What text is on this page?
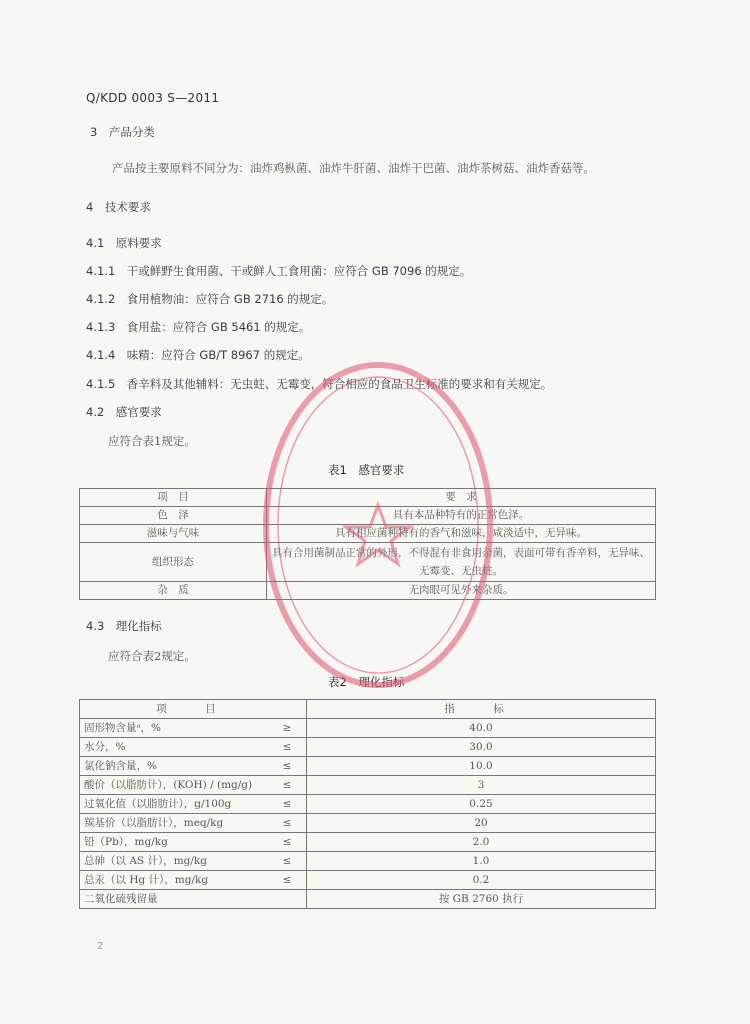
Q/KDD 0003 S—2011
3　产品分类
产品按主要原料不同分为：油炸鸡枞菌、油炸牛肝菌、油炸干巴菌、油炸茶树菇、油炸香菇等。
4　技术要求
4.1　原料要求
4.1.1　干或鲜野生食用菌、干或鲜人工食用菌：应符合 GB 7096 的规定。
4.1.2　食用植物油：应符合 GB 2716 的规定。
4.1.3　食用盐：应符合 GB 5461 的规定。
4.1.4　味精：应符合 GB/T 8967 的规定。
4.1.5　香辛料及其他辅料：无虫蛀、无霉变，符合相应的食品卫生标准的要求和有关规定。
4.2　感官要求
应符合表1规定。
表1　感官要求
项　目	要　求
色　泽	具有本品种特有的正常色泽。
滋味与气味	具有相应菌种特有的香气和滋味，咸淡适中，无异味。
组织形态	具有合用菌制品正常的外形，不得混有非食用杂菌，表面可带有香辛料，无异味、
无霉变、无虫蛀。

杂　质	无肉眼可见外来杂质。
4.3　理化指标
应符合表2规定。
表2　理化指标
项　目		指　标
固形物含量ᵃ，%	≥	40.0
水分，%	≤	30.0
氯化钠含量，%	≤	10.0
酸价（以脂肪计），(KOH) / (mg/g)	≤	3
过氧化值（以脂肪计），g/100g	≤	0.25
羰基价（以脂肪计），meq/kg	≤	20
铅（Pb），mg/kg	≤	2.0
总砷（以 AS 计），mg/kg	≤	1.0
总汞（以 Hg 计），mg/kg	≤	0.2
二氧化硫残留量		按 GB 2760 执行
2
